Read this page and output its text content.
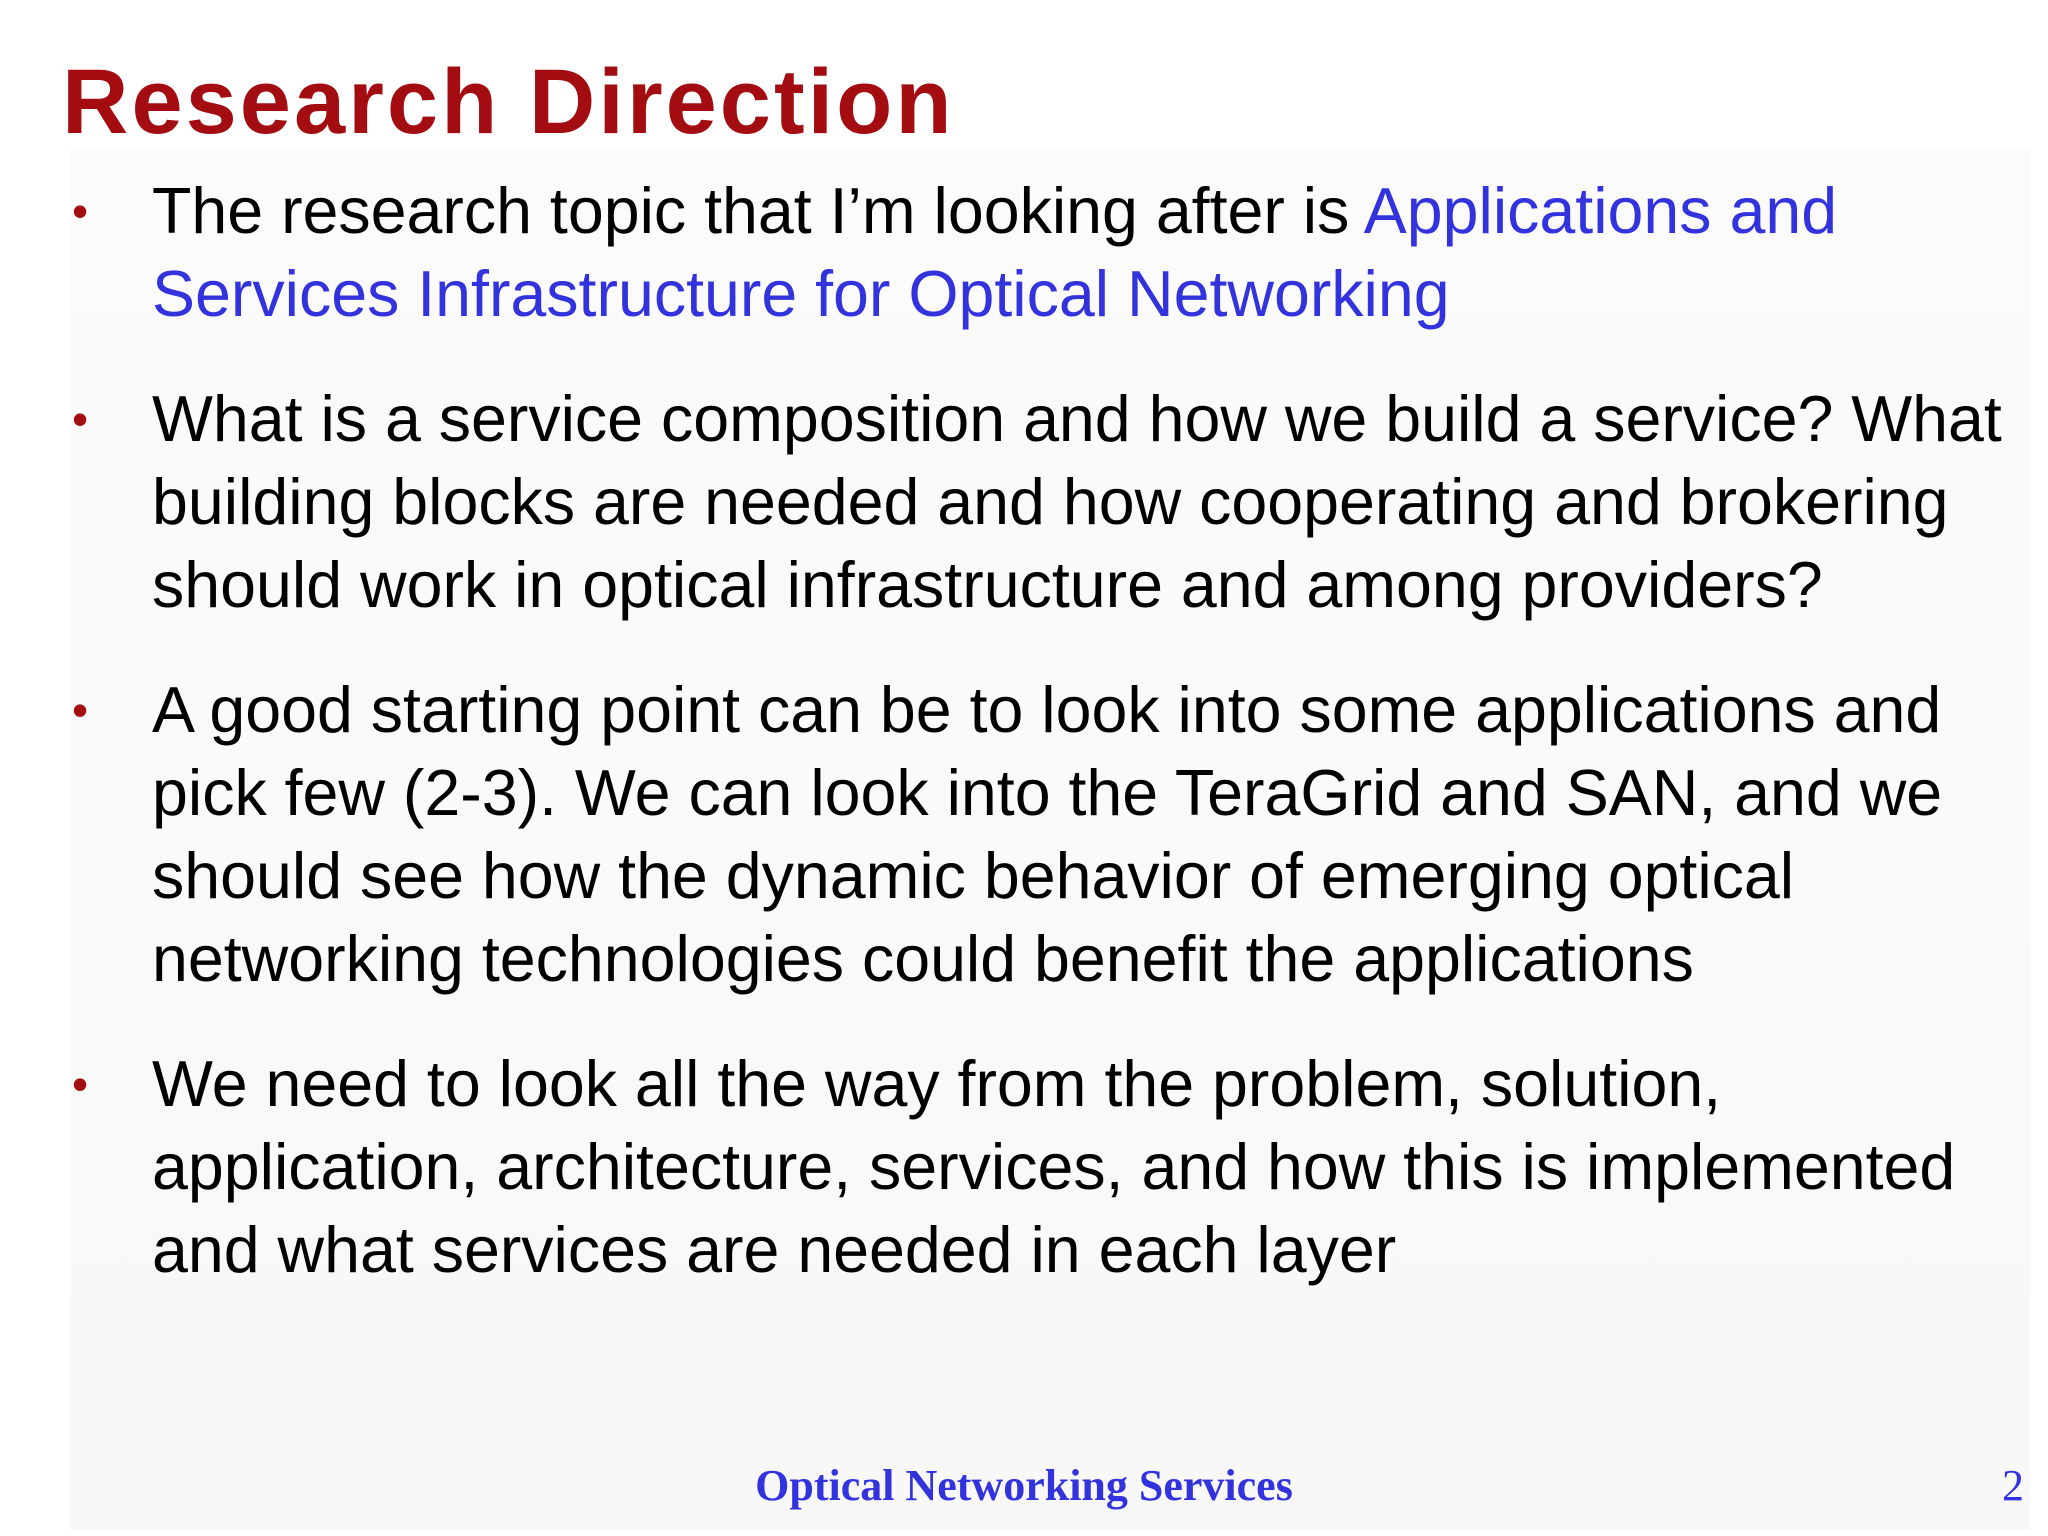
Research Direction
• The research topic that I’m looking after is Applications and Services Infrastructure for Optical Networking
• What is a service composition and how we build a service? What building blocks are needed and how cooperating and brokering should work in optical infrastructure and among providers?
• A good starting point can be to look into some applications and pick few (2-3). We can look into the TeraGrid and SAN, and we should see how the dynamic behavior of emerging optical networking technologies could benefit the applications
• We need to look all the way from the problem, solution, application, architecture, services, and how this is implemented and what services are needed in each layer

Optical Networking Services	2
